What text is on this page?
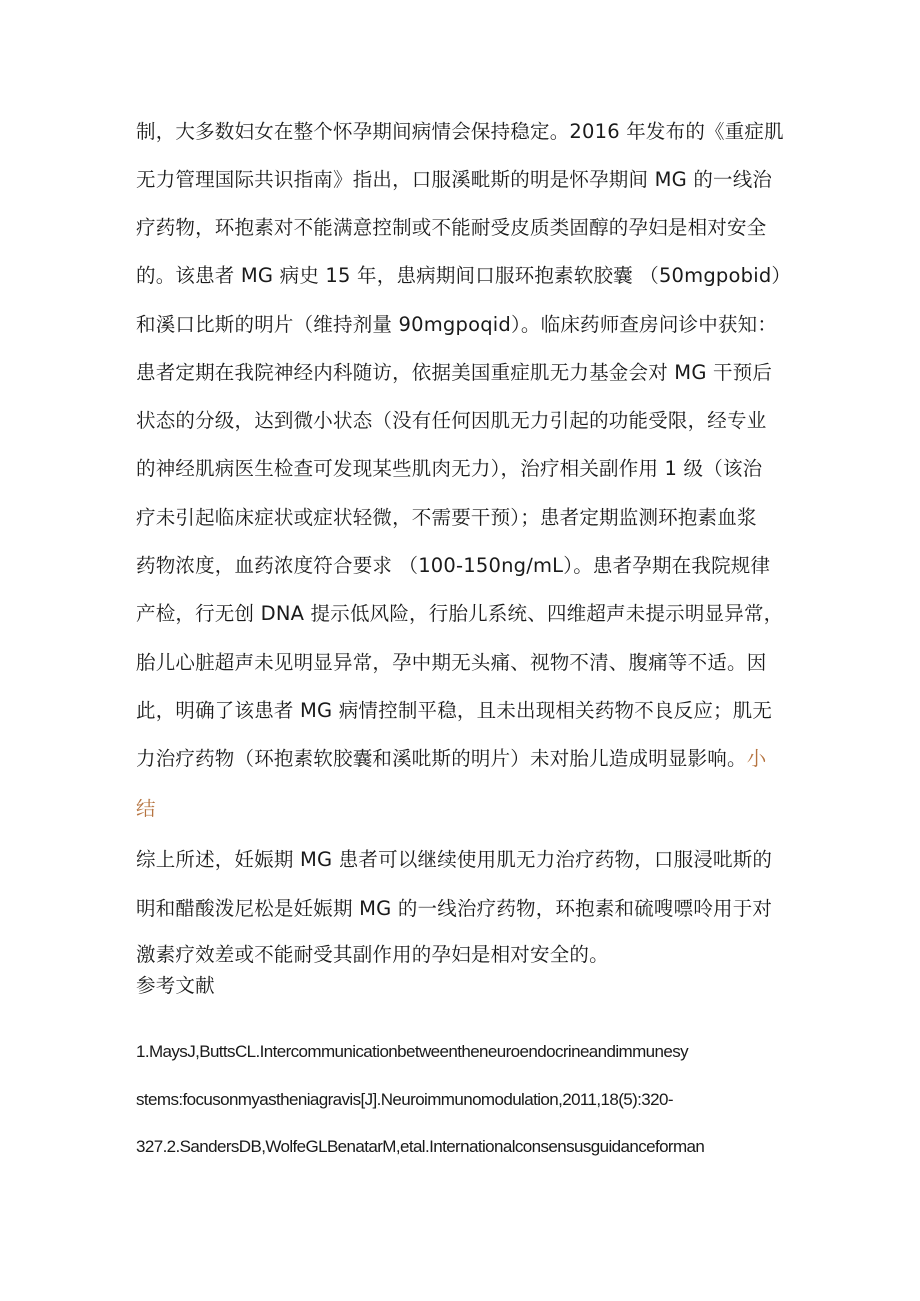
制，大多数妇女在整个怀孕期间病情会保持稳定。2016 年发布的《重症肌
无力管理国际共识指南》指出，口服溪毗斯的明是怀孕期间 MG 的一线治
疗药物，环抱素对不能满意控制或不能耐受皮质类固醇的孕妇是相对安全
的。该患者 MG 病史 15 年，患病期间口服环抱素软胶囊 （50mgpobid）
和溪口比斯的明片（维持剂量 90mgpoqid）。临床药师查房问诊中获知：
患者定期在我院神经内科随访，依据美国重症肌无力基金会对 MG 干预后
状态的分级，达到微小状态（没有任何因肌无力引起的功能受限，经专业
的神经肌病医生检查可发现某些肌肉无力），治疗相关副作用 1 级（该治
疗未引起临床症状或症状轻微，不需要干预）；患者定期监测环抱素血浆
药物浓度，血药浓度符合要求 （100-150ng∕mL）。患者孕期在我院规律
产检，行无创 DNA 提示低风险，行胎儿系统、四维超声未提示明显异常，
胎儿心脏超声未见明显异常，孕中期无头痛、视物不清、腹痛等不适。因
此，明确了该患者 MG 病情控制平稳，且未出现相关药物不良反应；肌无
力治疗药物（环抱素软胶囊和溪吡斯的明片）未对胎儿造成明显影响。小
结
综上所述，妊娠期 MG 患者可以继续使用肌无力治疗药物，口服浸吡斯的
明和醋酸泼尼松是妊娠期 MG 的一线治疗药物，环抱素和硫嗖嘌呤用于对
激素疗效差或不能耐受其副作用的孕妇是相对安全的。
参考文献
1.MaysJ,ButtsCL.Intercommunicationbetweentheneuroendocrineandimmunesy
stems:focusonmyastheniagravis[J].Neuroimmunomodulation,2011,18(5):320-
327.2.SandersDB,WolfeGLBenatarM,etal.Internationalconsensusguidanceforman
